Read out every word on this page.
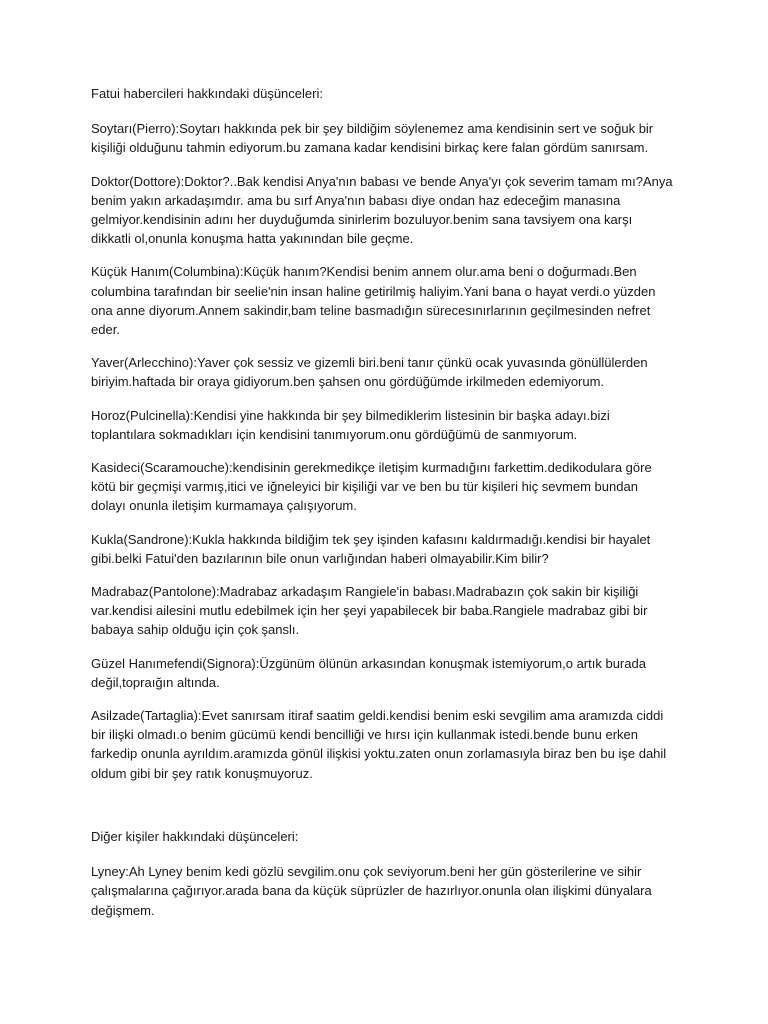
Fatui habercileri hakkındaki düşünceleri:

Soytarı(Pierro):Soytarı hakkında pek bir şey bildiğim söylenemez ama kendisinin sert ve soğuk bir
kişiliği olduğunu tahmin ediyorum.bu zamana kadar kendisini birkaç kere falan gördüm sanırsam.

Doktor(Dottore):Doktor?..Bak kendisi Anya'nın babası ve bende Anya'yı çok severim tamam mı?Anya
benim yakın arkadaşımdır. ama bu sırf Anya'nın babası diye ondan haz edeceğim manasına
gelmiyor.kendisinin adını her duyduğumda sinirlerim bozuluyor.benim sana tavsiyem ona karşı
dikkatli ol,onunla konuşma hatta yakınından bile geçme.

Küçük Hanım(Columbina):Küçük hanım?Kendisi benim annem olur.ama beni o doğurmadı.Ben
columbina tarafından bir seelie'nin insan haline getirilmiş haliyim.Yani bana o hayat verdi.o yüzden
ona anne diyorum.Annem sakindir,bam teline basmadığın sürecesınırlarının geçilmesinden nefret
eder.

Yaver(Arlecchino):Yaver çok sessiz ve gizemli biri.beni tanır çünkü ocak yuvasında gönüllülerden
biriyim.haftada bir oraya gidiyorum.ben şahsen onu gördüğümde irkilmeden edemiyorum.

Horoz(Pulcinella):Kendisi yine hakkında bir şey bilmediklerim listesinin bir başka adayı.bizi
toplantılara sokmadıkları için kendisini tanımıyorum.onu gördüğümü de sanmıyorum.

Kasideci(Scaramouche):kendisinin gerekmedikçe iletişim kurmadığını farkettim.dedikodulara göre
kötü bir geçmişi varmış,itici ve iğneleyici bir kişiliği var ve ben bu tür kişileri hiç sevmem bundan
dolayı onunla iletişim kurmamaya çalışıyorum.

Kukla(Sandrone):Kukla hakkında bildiğim tek şey işinden kafasını kaldırmadığı.kendisi bir hayalet
gibi.belki Fatui'den bazılarının bile onun varlığından haberi olmayabilir.Kim bilir?

Madrabaz(Pantolone):Madrabaz arkadaşım Rangiele'in babası.Madrabazın çok sakin bir kişiliği
var.kendisi ailesini mutlu edebilmek için her şeyi yapabilecek bir baba.Rangiele madrabaz gibi bir
babaya sahip olduğu için çok şanslı.

Güzel Hanımefendi(Signora):Üzgünüm ölünün arkasından konuşmak istemiyorum,o artık burada
değil,topraığın altında.

Asilzade(Tartaglia):Evet sanırsam itiraf saatim geldi.kendisi benim eski sevgilim ama aramızda ciddi
bir ilişki olmadı.o benim gücümü kendi bencilliği ve hırsı için kullanmak istedi.bende bunu erken
farkedip onunla ayrıldım.aramızda gönül ilişkisi yoktu.zaten onun zorlamasıyla biraz ben bu işe dahil
oldum gibi bir şey ratık konuşmuyoruz.

Diğer kişiler hakkındaki düşünceleri:

Lyney:Ah Lyney benim kedi gözlü sevgilim.onu çok seviyorum.beni her gün gösterilerine ve sihir
çalışmalarına çağırıyor.arada bana da küçük süprüzler de hazırlıyor.onunla olan ilişkimi dünyalara
değişmem.
